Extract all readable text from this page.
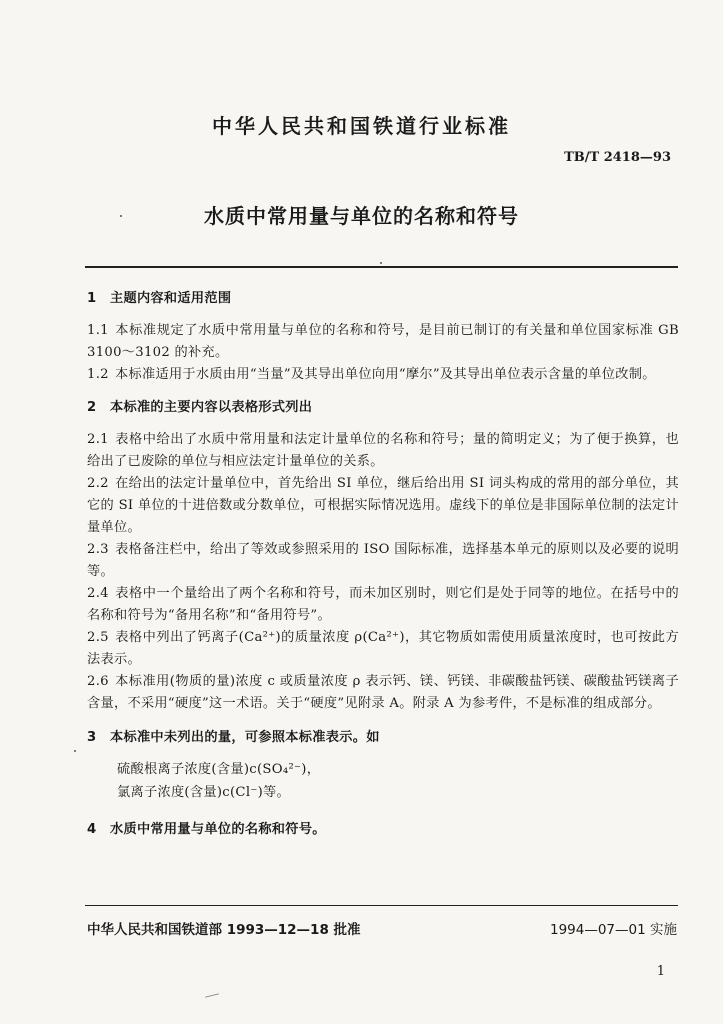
中华人民共和国铁道行业标准
TB/T 2418—93
水质中常用量与单位的名称和符号

1　主题内容和适用范围

1.1 本标准规定了水质中常用量与单位的名称和符号，是目前已制订的有关量和单位国家标准 GB 3100～3102 的补充。

1.2 本标准适用于水质由用“当量”及其导出单位向用“摩尔”及其导出单位表示含量的单位改制。

2　本标准的主要内容以表格形式列出

2.1 表格中给出了水质中常用量和法定计量单位的名称和符号；量的简明定义；为了便于换算，也给出了已废除的单位与相应法定计量单位的关系。

2.2 在给出的法定计量单位中，首先给出 SI 单位，继后给出用 SI 词头构成的常用的部分单位，其它的 SI 单位的十进倍数或分数单位，可根据实际情况选用。虚线下的单位是非国际单位制的法定计量单位。

2.3 表格备注栏中，给出了等效或参照采用的 ISO 国际标准，选择基本单元的原则以及必要的说明等。

2.4 表格中一个量给出了两个名称和符号，而未加区别时，则它们是处于同等的地位。在括号中的名称和符号为“备用名称”和“备用符号”。

2.5 表格中列出了钙离子(Ca²⁺)的质量浓度 ρ(Ca²⁺)，其它物质如需使用质量浓度时，也可按此方法表示。

2.6 本标准用(物质的量)浓度 c 或质量浓度 ρ 表示钙、镁、钙镁、非碳酸盐钙镁、碳酸盐钙镁离子含量，不采用“硬度”这一术语。关于“硬度”见附录 A。附录 A 为参考件，不是标准的组成部分。

3　本标准中未列出的量，可参照本标准表示。如

硫酸根离子浓度(含量)c(SO₄²⁻)，

氯离子浓度(含量)c(Cl⁻)等。

4　水质中常用量与单位的名称和符号。

中华人民共和国铁道部 1993—12—18 批准	1994—07—01 实施
1
